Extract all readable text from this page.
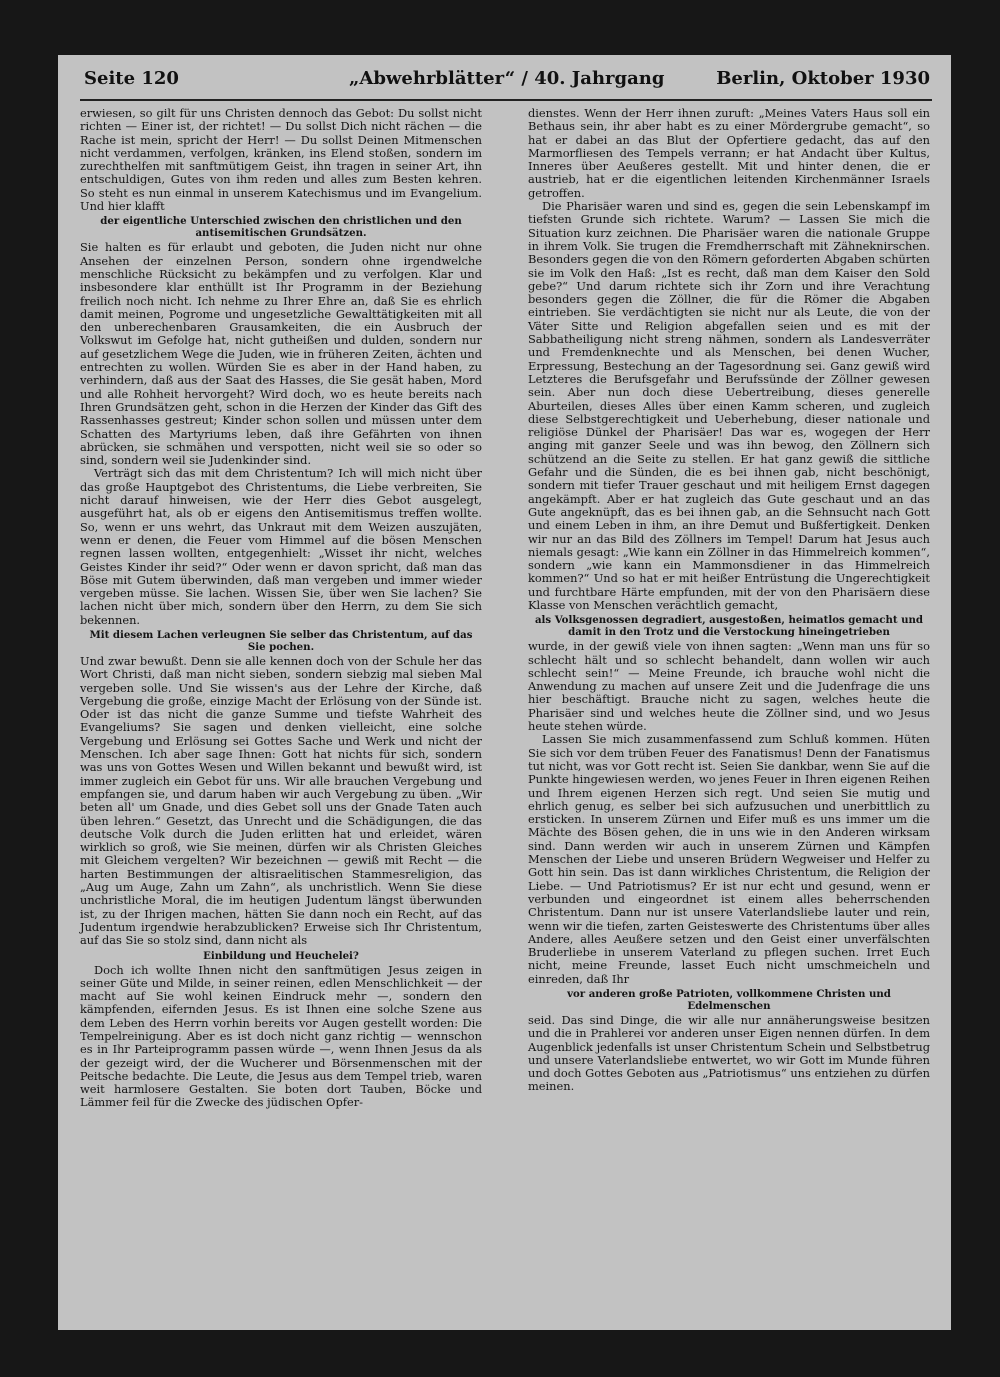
Seite 120	„Abwehrblätter“ / 40. Jahrgang	Berlin, Oktober 1930

erwiesen, so gilt für uns Christen dennoch das Gebot: Du sollst nicht richten — Einer ist, der richtet! — Du sollst Dich nicht rächen — die Rache ist mein, spricht der Herr! — Du sollst Deinen Mitmenschen nicht verdammen, verfolgen, kränken, ins Elend stoßen, sondern im zurechthelfen mit sanftmütigem Geist, ihn tragen in seiner Art, ihn entschuldigen, Gutes von ihm reden und alles zum Besten kehren. So steht es nun einmal in unserem Katechismus und im Evangelium. Und hier klafft

der eigentliche Unterschied zwischen den christlichen und den antisemitischen Grundsätzen.

Sie halten es für erlaubt und geboten, die Juden nicht nur ohne Ansehen der einzelnen Person, sondern ohne irgendwelche menschliche Rücksicht zu bekämpfen und zu verfolgen. Klar und insbesondere klar enthüllt ist Ihr Programm in der Beziehung freilich noch nicht. Ich nehme zu Ihrer Ehre an, daß Sie es ehrlich damit meinen, Pogrome und ungesetzliche Gewalttätigkeiten mit all den unberechenbaren Grausamkeiten, die ein Ausbruch der Volkswut im Gefolge hat, nicht gutheißen und dulden, sondern nur auf gesetzlichem Wege die Juden, wie in früheren Zeiten, ächten und entrechten zu wollen. Würden Sie es aber in der Hand haben, zu verhindern, daß aus der Saat des Hasses, die Sie gesät haben, Mord und alle Rohheit hervorgeht? Wird doch, wo es heute bereits nach Ihren Grundsätzen geht, schon in die Herzen der Kinder das Gift des Rassenhasses gestreut; Kinder schon sollen und müssen unter dem Schatten des Martyriums leben, daß ihre Gefährten von ihnen abrücken, sie schmähen und verspotten, nicht weil sie so oder so sind, sondern weil sie Judenkinder sind.

Verträgt sich das mit dem Christentum? Ich will mich nicht über das große Hauptgebot des Christentums, die Liebe verbreiten, Sie nicht darauf hinweisen, wie der Herr dies Gebot ausgelegt, ausgeführt hat, als ob er eigens den Antisemitismus treffen wollte. So, wenn er uns wehrt, das Unkraut mit dem Weizen auszujäten, wenn er denen, die Feuer vom Himmel auf die bösen Menschen regnen lassen wollten, entgegenhielt: „Wisset ihr nicht, welches Geistes Kinder ihr seid?“ Oder wenn er davon spricht, daß man das Böse mit Gutem überwinden, daß man vergeben und immer wieder vergeben müsse. Sie lachen. Wissen Sie, über wen Sie lachen? Sie lachen nicht über mich, sondern über den Herrn, zu dem Sie sich bekennen.

Mit diesem Lachen verleugnen Sie selber das Christentum, auf das Sie pochen.

Und zwar bewußt. Denn sie alle kennen doch von der Schule her das Wort Christi, daß man nicht sieben, sondern siebzig mal sieben Mal vergeben solle. Und Sie wissen's aus der Lehre der Kirche, daß Vergebung die große, einzige Macht der Erlösung von der Sünde ist. Oder ist das nicht die ganze Summe und tiefste Wahrheit des Evangeliums? Sie sagen und denken vielleicht, eine solche Vergebung und Erlösung sei Gottes Sache und Werk und nicht der Menschen. Ich aber sage Ihnen: Gott hat nichts für sich, sondern was uns von Gottes Wesen und Willen bekannt und bewußt wird, ist immer zugleich ein Gebot für uns. Wir alle brauchen Vergebung und empfangen sie, und darum haben wir auch Vergebung zu üben. „Wir beten all' um Gnade, und dies Gebet soll uns der Gnade Taten auch üben lehren.“ Gesetzt, das Unrecht und die Schädigungen, die das deutsche Volk durch die Juden erlitten hat und erleidet, wären wirklich so groß, wie Sie meinen, dürfen wir als Christen Gleiches mit Gleichem vergelten? Wir bezeichnen — gewiß mit Recht — die harten Bestimmungen der altisraelitischen Stammesreligion, das „Aug um Auge, Zahn um Zahn“, als unchristlich. Wenn Sie diese unchristliche Moral, die im heutigen Judentum längst überwunden ist, zu der Ihrigen machen, hätten Sie dann noch ein Recht, auf das Judentum irgendwie herabzublicken? Erweise sich Ihr Christentum, auf das Sie so stolz sind, dann nicht als

Einbildung und Heuchelei?

Doch ich wollte Ihnen nicht den sanftmütigen Jesus zeigen in seiner Güte und Milde, in seiner reinen, edlen Menschlichkeit — der macht auf Sie wohl keinen Eindruck mehr —, sondern den kämpfenden, eifernden Jesus. Es ist Ihnen eine solche Szene aus dem Leben des Herrn vorhin bereits vor Augen gestellt worden: Die Tempelreinigung. Aber es ist doch nicht ganz richtig — wennschon es in Ihr Parteiprogramm passen würde —, wenn Ihnen Jesus da als der gezeigt wird, der die Wucherer und Börsenmenschen mit der Peitsche bedachte. Die Leute, die Jesus aus dem Tempel trieb, waren weit harmlosere Gestalten. Sie boten dort Tauben, Böcke und Lämmer feil für die Zwecke des jüdischen Opfer-

dienstes. Wenn der Herr ihnen zuruft: „Meines Vaters Haus soll ein Bethaus sein, ihr aber habt es zu einer Mördergrube gemacht“, so hat er dabei an das Blut der Opfertiere gedacht, das auf den Marmorfliesen des Tempels verrann; er hat Andacht über Kultus, Inneres über Aeußeres gestellt. Mit und hinter denen, die er austrieb, hat er die eigentlichen leitenden Kirchenmänner Israels getroffen.

Die Pharisäer waren und sind es, gegen die sein Lebenskampf im tiefsten Grunde sich richtete. Warum? — Lassen Sie mich die Situation kurz zeichnen. Die Pharisäer waren die nationale Gruppe in ihrem Volk. Sie trugen die Fremdherrschaft mit Zähneknirschen. Besonders gegen die von den Römern geforderten Abgaben schürten sie im Volk den Haß: „Ist es recht, daß man dem Kaiser den Sold gebe?“ Und darum richtete sich ihr Zorn und ihre Verachtung besonders gegen die Zöllner, die für die Römer die Abgaben eintrieben. Sie verdächtigten sie nicht nur als Leute, die von der Väter Sitte und Religion abgefallen seien und es mit der Sabbatheiligung nicht streng nähmen, sondern als Landesverräter und Fremdenknechte und als Menschen, bei denen Wucher, Erpressung, Bestechung an der Tagesordnung sei. Ganz gewiß wird Letzteres die Berufsgefahr und Berufssünde der Zöllner gewesen sein. Aber nun doch diese Uebertreibung, dieses generelle Aburteilen, dieses Alles über einen Kamm scheren, und zugleich diese Selbstgerechtigkeit und Ueberhebung, dieser nationale und religiöse Dünkel der Pharisäer! Das war es, wogegen der Herr anging mit ganzer Seele und was ihn bewog, den Zöllnern sich schützend an die Seite zu stellen. Er hat ganz gewiß die sittliche Gefahr und die Sünden, die es bei ihnen gab, nicht beschönigt, sondern mit tiefer Trauer geschaut und mit heiligem Ernst dagegen angekämpft. Aber er hat zugleich das Gute geschaut und an das Gute angeknüpft, das es bei ihnen gab, an die Sehnsucht nach Gott und einem Leben in ihm, an ihre Demut und Bußfertigkeit. Denken wir nur an das Bild des Zöllners im Tempel! Darum hat Jesus auch niemals gesagt: „Wie kann ein Zöllner in das Himmelreich kommen“, sondern „wie kann ein Mammonsdiener in das Himmelreich kommen?“ Und so hat er mit heißer Entrüstung die Ungerechtigkeit und furchtbare Härte empfunden, mit der von den Pharisäern diese Klasse von Menschen verächtlich gemacht,

als Volksgenossen degradiert, ausgestoßen, heimatlos gemacht und damit in den Trotz und die Verstockung hineingetrieben

wurde, in der gewiß viele von ihnen sagten: „Wenn man uns für so schlecht hält und so schlecht behandelt, dann wollen wir auch schlecht sein!“ — Meine Freunde, ich brauche wohl nicht die Anwendung zu machen auf unsere Zeit und die Judenfrage die uns hier beschäftigt. Brauche nicht zu sagen, welches heute die Pharisäer sind und welches heute die Zöllner sind, und wo Jesus heute stehen würde.

Lassen Sie mich zusammenfassend zum Schluß kommen. Hüten Sie sich vor dem trüben Feuer des Fanatismus! Denn der Fanatismus tut nicht, was vor Gott recht ist. Seien Sie dankbar, wenn Sie auf die Punkte hingewiesen werden, wo jenes Feuer in Ihren eigenen Reihen und Ihrem eigenen Herzen sich regt. Und seien Sie mutig und ehrlich genug, es selber bei sich aufzusuchen und unerbittlich zu ersticken. In unserem Zürnen und Eifer muß es uns immer um die Mächte des Bösen gehen, die in uns wie in den Anderen wirksam sind. Dann werden wir auch in unserem Zürnen und Kämpfen Menschen der Liebe und unseren Brüdern Wegweiser und Helfer zu Gott hin sein. Das ist dann wirkliches Christentum, die Religion der Liebe. — Und Patriotismus? Er ist nur echt und gesund, wenn er verbunden und eingeordnet ist einem alles beherrschenden Christentum. Dann nur ist unsere Vaterlandsliebe lauter und rein, wenn wir die tiefen, zarten Geisteswerte des Christentums über alles Andere, alles Aeußere setzen und den Geist einer unverfälschten Bruderliebe in unserem Vaterland zu pflegen suchen. Irret Euch nicht, meine Freunde, lasset Euch nicht umschmeicheln und einreden, daß Ihr

vor anderen große Patrioten, vollkommene Christen und Edelmenschen

seid. Das sind Dinge, die wir alle nur annäherungsweise besitzen und die in Prahlerei vor anderen unser Eigen nennen dürfen. In dem Augenblick jedenfalls ist unser Christentum Schein und Selbstbetrug und unsere Vaterlandsliebe entwertet, wo wir Gott im Munde führen und doch Gottes Geboten aus „Patriotismus“ uns entziehen zu dürfen meinen.
